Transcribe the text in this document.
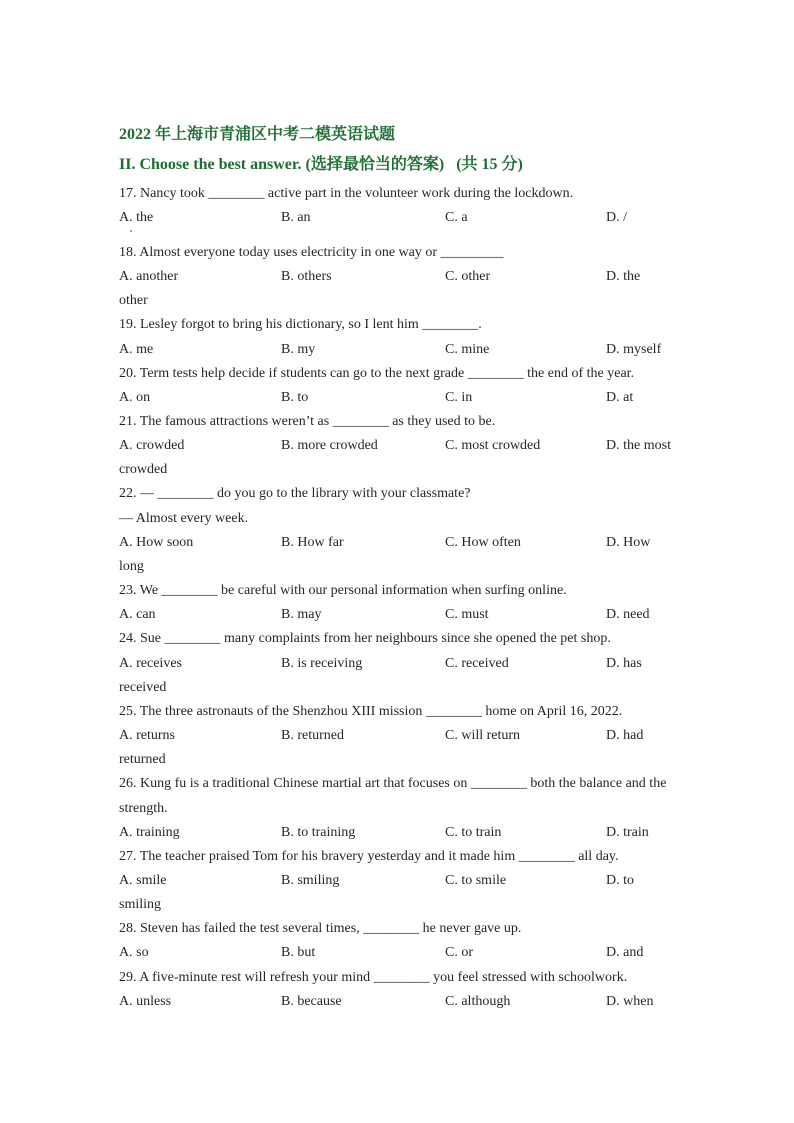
2022 年上海市青浦区中考二模英语试题
II. Choose the best answer. (选择最恰当的答案)   (共 15 分)
17. Nancy took ________ active part in the volunteer work during the lockdown.
A. the	B. an	C. a	D. /
18. Almost everyone today uses electricity in one way or _________
A. another	B. others	C. other	D. the
other
19. Lesley forgot to bring his dictionary, so I lent him ________.
A. me	B. my	C. mine	D. myself
20. Term tests help decide if students can go to the next grade ________ the end of the year.
A. on	B. to	C. in	D. at
21. The famous attractions weren’t as ________ as they used to be.
A. crowded	B. more crowded	C. most crowded	D. the most
crowded
22. — ________ do you go to the library with your classmate?
— Almost every week.
A. How soon	B. How far	C. How often	D. How
long
23. We ________ be careful with our personal information when surfing online.
A. can	B. may	C. must	D. need
24. Sue ________ many complaints from her neighbours since she opened the pet shop.
A. receives	B. is receiving	C. received	D. has
received
25. The three astronauts of the Shenzhou XIII mission ________ home on April 16, 2022.
A. returns	B. returned	C. will return	D. had
returned
26. Kung fu is a traditional Chinese martial art that focuses on ________ both the balance and the strength.
A. training	B. to training	C. to train	D. train
27. The teacher praised Tom for his bravery yesterday and it made him ________ all day.
A. smile	B. smiling	C. to smile	D. to
smiling
28. Steven has failed the test several times, ________ he never gave up.
A. so	B. but	C. or	D. and
29. A five-minute rest will refresh your mind ________ you feel stressed with schoolwork.
A. unless	B. because	C. although	D. when
